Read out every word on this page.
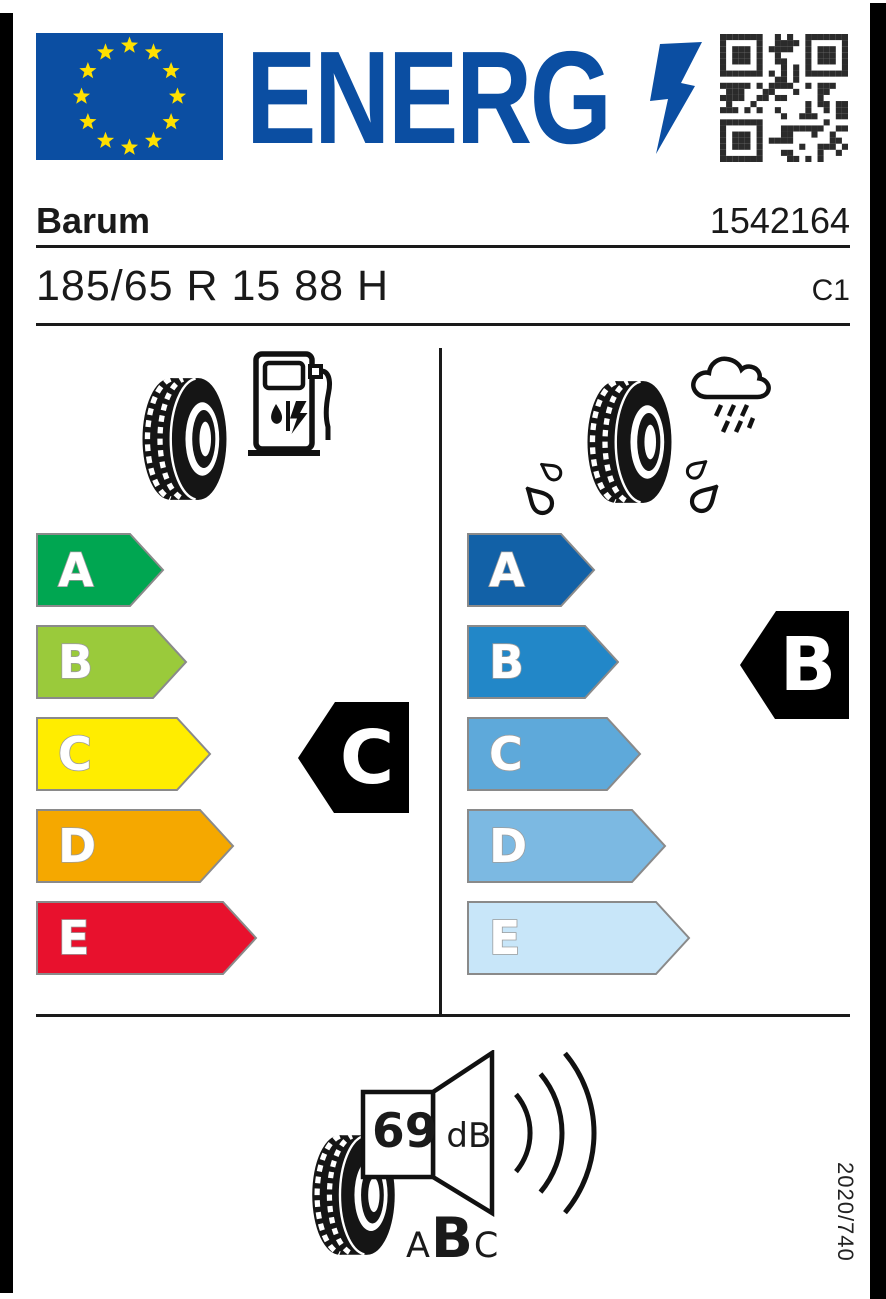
ENERG
Barum	1542164
185/65 R 15 88 H	C1
A
B
C
D
E
C
A
B
C
D
E
B
69 dB
A B C	2020/740
